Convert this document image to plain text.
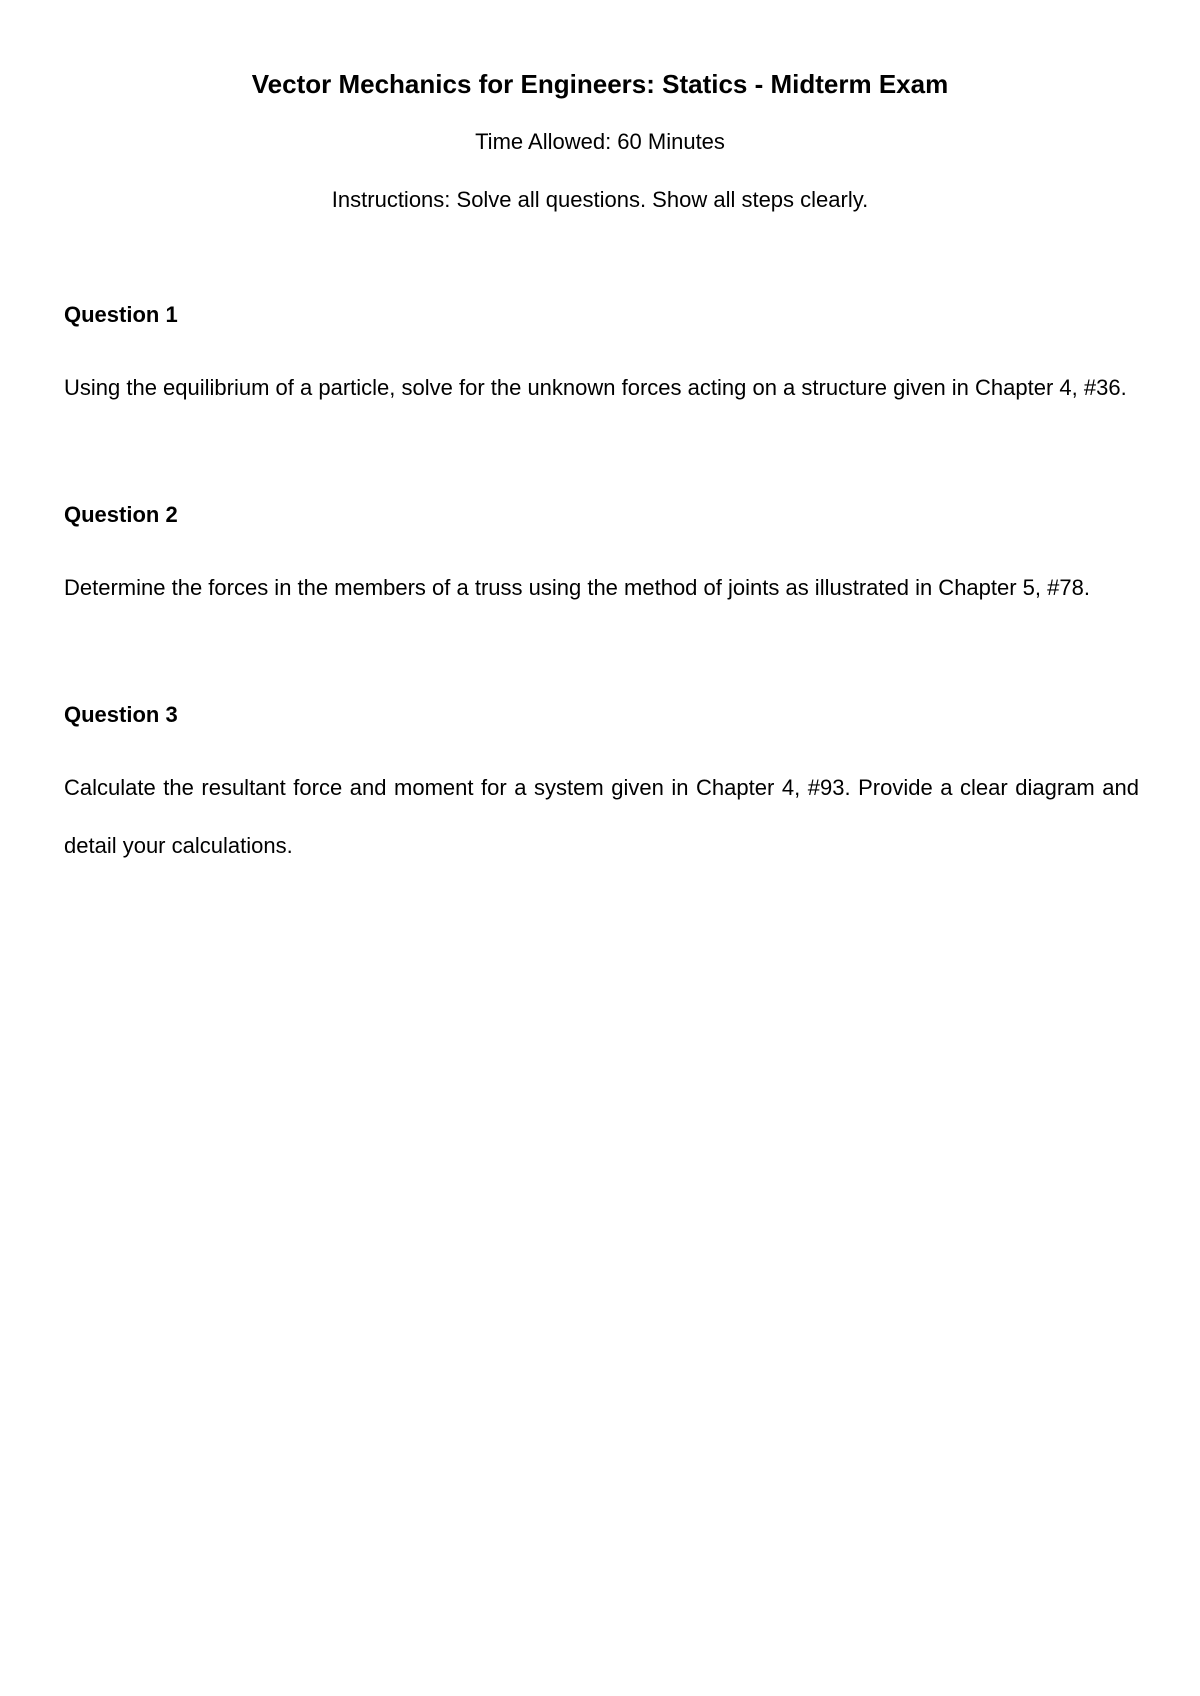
Vector Mechanics for Engineers: Statics - Midterm Exam

Time Allowed: 60 Minutes

Instructions: Solve all questions. Show all steps clearly.

Question 1

Using the equilibrium of a particle, solve for the unknown forces acting on a structure given in Chapter 4, #36.

Question 2

Determine the forces in the members of a truss using the method of joints as illustrated in Chapter 5, #78.

Question 3

Calculate the resultant force and moment for a system given in Chapter 4, #93. Provide a clear diagram and detail your calculations.
